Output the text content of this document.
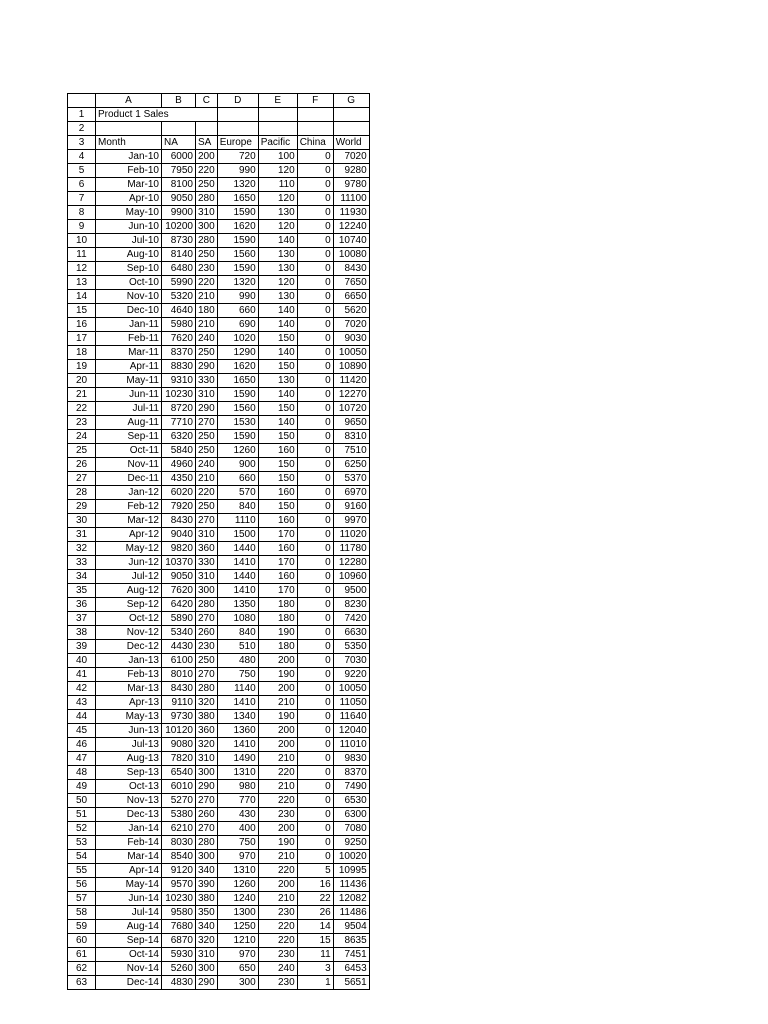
	A	B	C	D	E	F	G
1	Product 1 Sales						
2							
3	Month	NA	SA	Europe	Pacific	China	World
4	Jan-10	6000	200	720	100	0	7020
5	Feb-10	7950	220	990	120	0	9280
6	Mar-10	8100	250	1320	110	0	9780
7	Apr-10	9050	280	1650	120	0	11100
8	May-10	9900	310	1590	130	0	11930
9	Jun-10	10200	300	1620	120	0	12240
10	Jul-10	8730	280	1590	140	0	10740
11	Aug-10	8140	250	1560	130	0	10080
12	Sep-10	6480	230	1590	130	0	8430
13	Oct-10	5990	220	1320	120	0	7650
14	Nov-10	5320	210	990	130	0	6650
15	Dec-10	4640	180	660	140	0	5620
16	Jan-11	5980	210	690	140	0	7020
17	Feb-11	7620	240	1020	150	0	9030
18	Mar-11	8370	250	1290	140	0	10050
19	Apr-11	8830	290	1620	150	0	10890
20	May-11	9310	330	1650	130	0	11420
21	Jun-11	10230	310	1590	140	0	12270
22	Jul-11	8720	290	1560	150	0	10720
23	Aug-11	7710	270	1530	140	0	9650
24	Sep-11	6320	250	1590	150	0	8310
25	Oct-11	5840	250	1260	160	0	7510
26	Nov-11	4960	240	900	150	0	6250
27	Dec-11	4350	210	660	150	0	5370
28	Jan-12	6020	220	570	160	0	6970
29	Feb-12	7920	250	840	150	0	9160
30	Mar-12	8430	270	1110	160	0	9970
31	Apr-12	9040	310	1500	170	0	11020
32	May-12	9820	360	1440	160	0	11780
33	Jun-12	10370	330	1410	170	0	12280
34	Jul-12	9050	310	1440	160	0	10960
35	Aug-12	7620	300	1410	170	0	9500
36	Sep-12	6420	280	1350	180	0	8230
37	Oct-12	5890	270	1080	180	0	7420
38	Nov-12	5340	260	840	190	0	6630
39	Dec-12	4430	230	510	180	0	5350
40	Jan-13	6100	250	480	200	0	7030
41	Feb-13	8010	270	750	190	0	9220
42	Mar-13	8430	280	1140	200	0	10050
43	Apr-13	9110	320	1410	210	0	11050
44	May-13	9730	380	1340	190	0	11640
45	Jun-13	10120	360	1360	200	0	12040
46	Jul-13	9080	320	1410	200	0	11010
47	Aug-13	7820	310	1490	210	0	9830
48	Sep-13	6540	300	1310	220	0	8370
49	Oct-13	6010	290	980	210	0	7490
50	Nov-13	5270	270	770	220	0	6530
51	Dec-13	5380	260	430	230	0	6300
52	Jan-14	6210	270	400	200	0	7080
53	Feb-14	8030	280	750	190	0	9250
54	Mar-14	8540	300	970	210	0	10020
55	Apr-14	9120	340	1310	220	5	10995
56	May-14	9570	390	1260	200	16	11436
57	Jun-14	10230	380	1240	210	22	12082
58	Jul-14	9580	350	1300	230	26	11486
59	Aug-14	7680	340	1250	220	14	9504
60	Sep-14	6870	320	1210	220	15	8635
61	Oct-14	5930	310	970	230	11	7451
62	Nov-14	5260	300	650	240	3	6453
63	Dec-14	4830	290	300	230	1	5651
